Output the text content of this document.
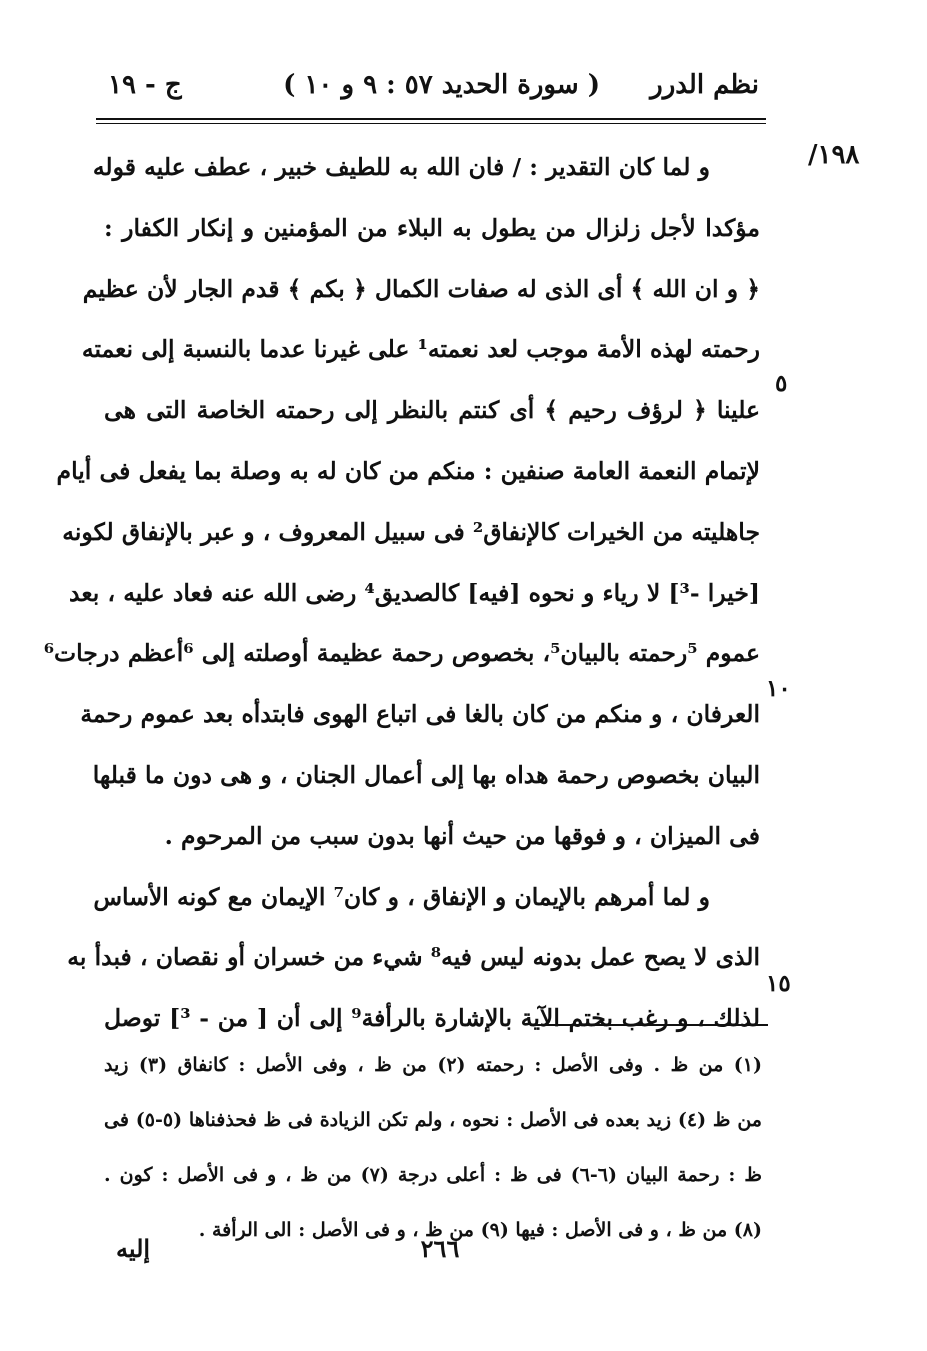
نظم الدرر
( سورة الحديد ٥٧ : ٩ و ١٠ )
ج - ١٩
١٩٨/
٥
١٠
١٥
و لما كان التقدير : / فان الله به للطيف خبير ، عطف عليه قوله
مؤكدا لأجل زلزال من يطول به البلاء من المؤمنين و إنكار الكفار :
﴿ و ان الله ﴾ أى الذى له صفات الكمال ﴿ بكم ﴾ قدم الجار لأن عظيم
رحمته لهذه الأمة موجب لعد نعمته¹ على غيرنا عدما بالنسبة إلى نعمته
علينا ﴿ لرؤف رحيم ﴾ أى كنتم بالنظر إلى رحمته الخاصة التى هى
لإتمام النعمة العامة صنفين : منكم من كان له به وصلة بما يفعل فى أيام
جاهليته من الخيرات كالإنفاق² فى سبيل المعروف ، و عبر بالإنفاق لكونه
[خيرا -³] لا رياء و نحوه [فيه] كالصديق⁴ رضى الله عنه فعاد عليه ، بعد
عموم ⁵رحمته بالبيان⁵، بخصوص رحمة عظيمة أوصلته إلى ⁶أعظم درجات⁶
العرفان ، و منكم من كان بالغا فى اتباع الهوى فابتدأه بعد عموم رحمة
البيان بخصوص رحمة هداه بها إلى أعمال الجنان ، و هى دون ما قبلها
فى الميزان ، و فوقها من حيث أنها بدون سبب من المرحوم .
و لما أمرهم بالإيمان و الإنفاق ، و كان⁷ الإيمان مع كونه الأساس
الذى لا يصح عمل بدونه ليس فيه⁸ شيء من خسران أو نقصان ، فبدأ به
لذلك ، و رغب بختم الآية بالإشارة بالرأفة⁹ إلى أن [ من - ³] توصل
(١) من ظ . وفى الأصل : رحمته (٢) من ظ ، وفى الأصل : كانفاق (٣) زيد
من ظ (٤) زيد بعده فى الأصل : نحوه ، ولم تكن الزيادة فى ظ فحذفناها (٥-٥) فى
ظ : رحمة البيان (٦-٦) فى ظ : أعلى درجة (٧) من ظ ، و فى الأصل : كون .
(٨) من ظ ، و فى الأصل : فيها (٩) من ظ ، و فى الأصل : الى الرأفة .
٢٦٦
إليه
